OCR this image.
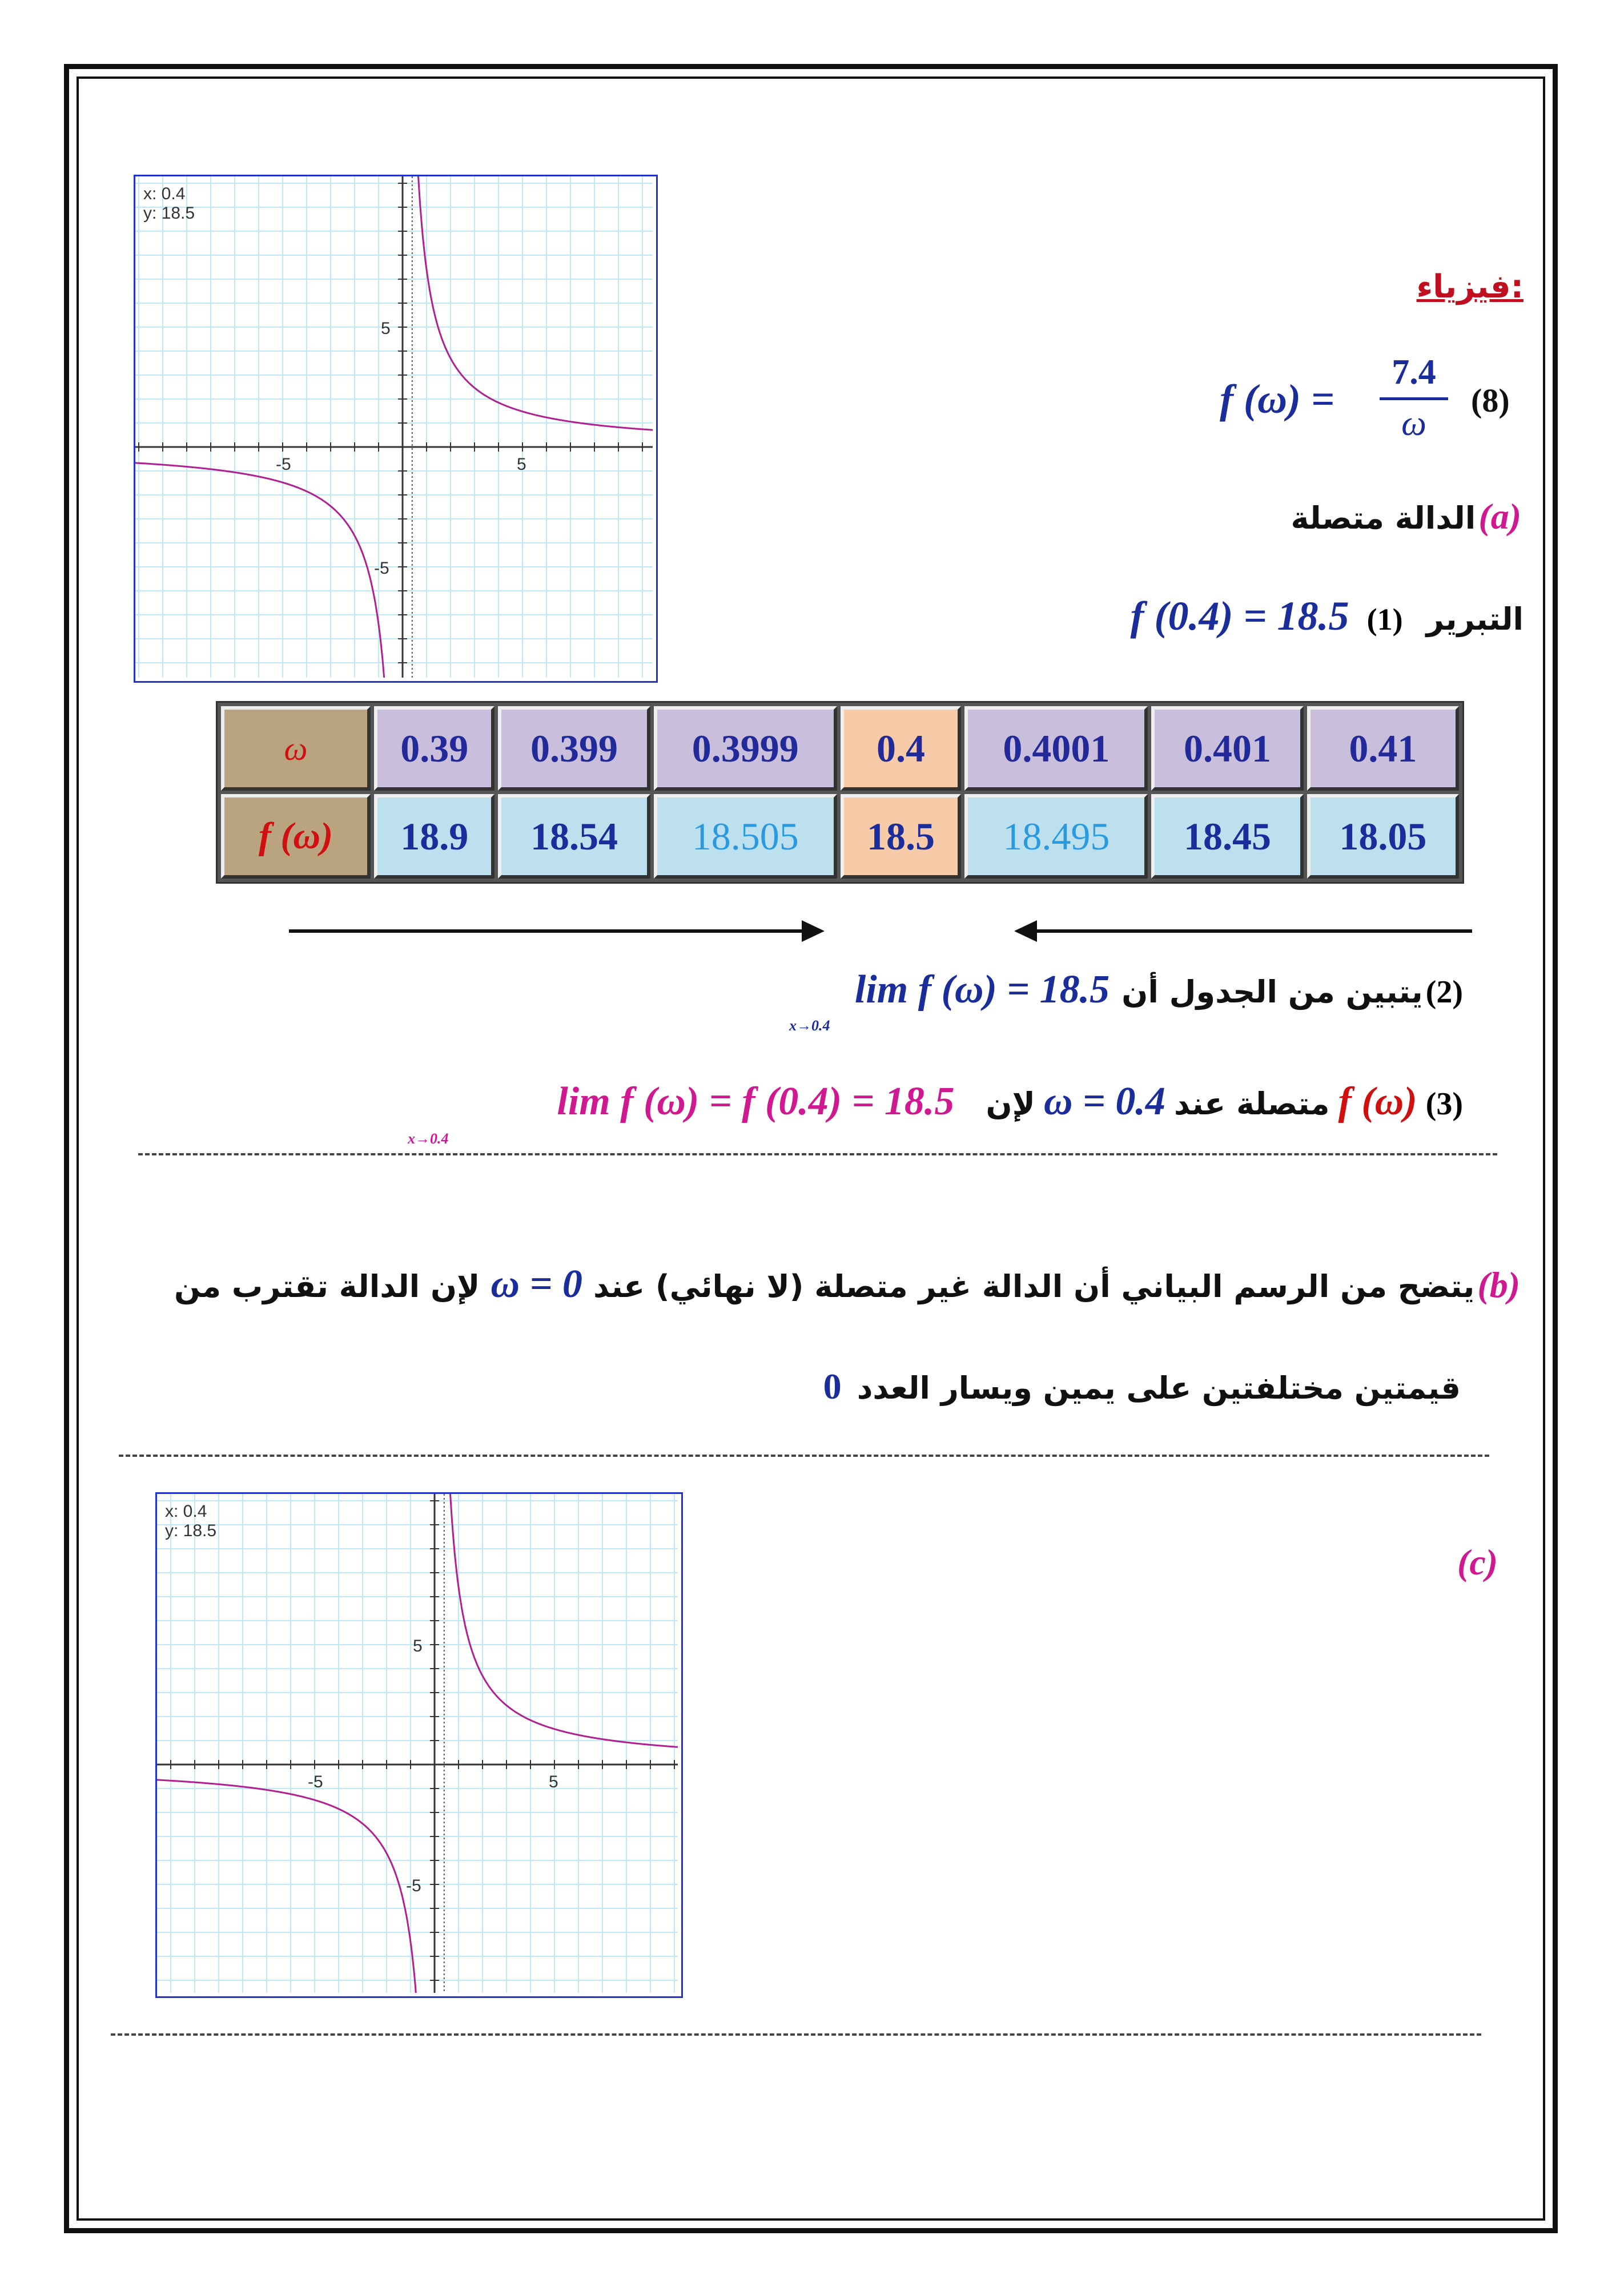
فيزياء:
(8)
f (ω) =
7.4
ω
(a) الدالة متصلة
التبرير (1) f (0.4) = 18.5
-5	5
5
-5
x: 0.4
y: 18.5
ω	0.39	0.399	0.3999	0.4	0.4001	0.401	0.41
f (ω)	18.9	18.54	18.505	18.5	18.495	18.45	18.05
(2) يتبين من الجدول أن lim f (ω) = 18.5
x→0.4
(3) f (ω) متصلة عند ω = 0.4 لإن lim f (ω) = f (0.4) = 18.5
x→0.4
(b) يتضح من الرسم البياني أن الدالة غير متصلة (لا نهائي) عند ω = 0 لإن الدالة تقترب من
قيمتين مختلفتين على يمين ويسار العدد 0
-5	5
5
-5
x: 0.4
y: 18.5
(c)
